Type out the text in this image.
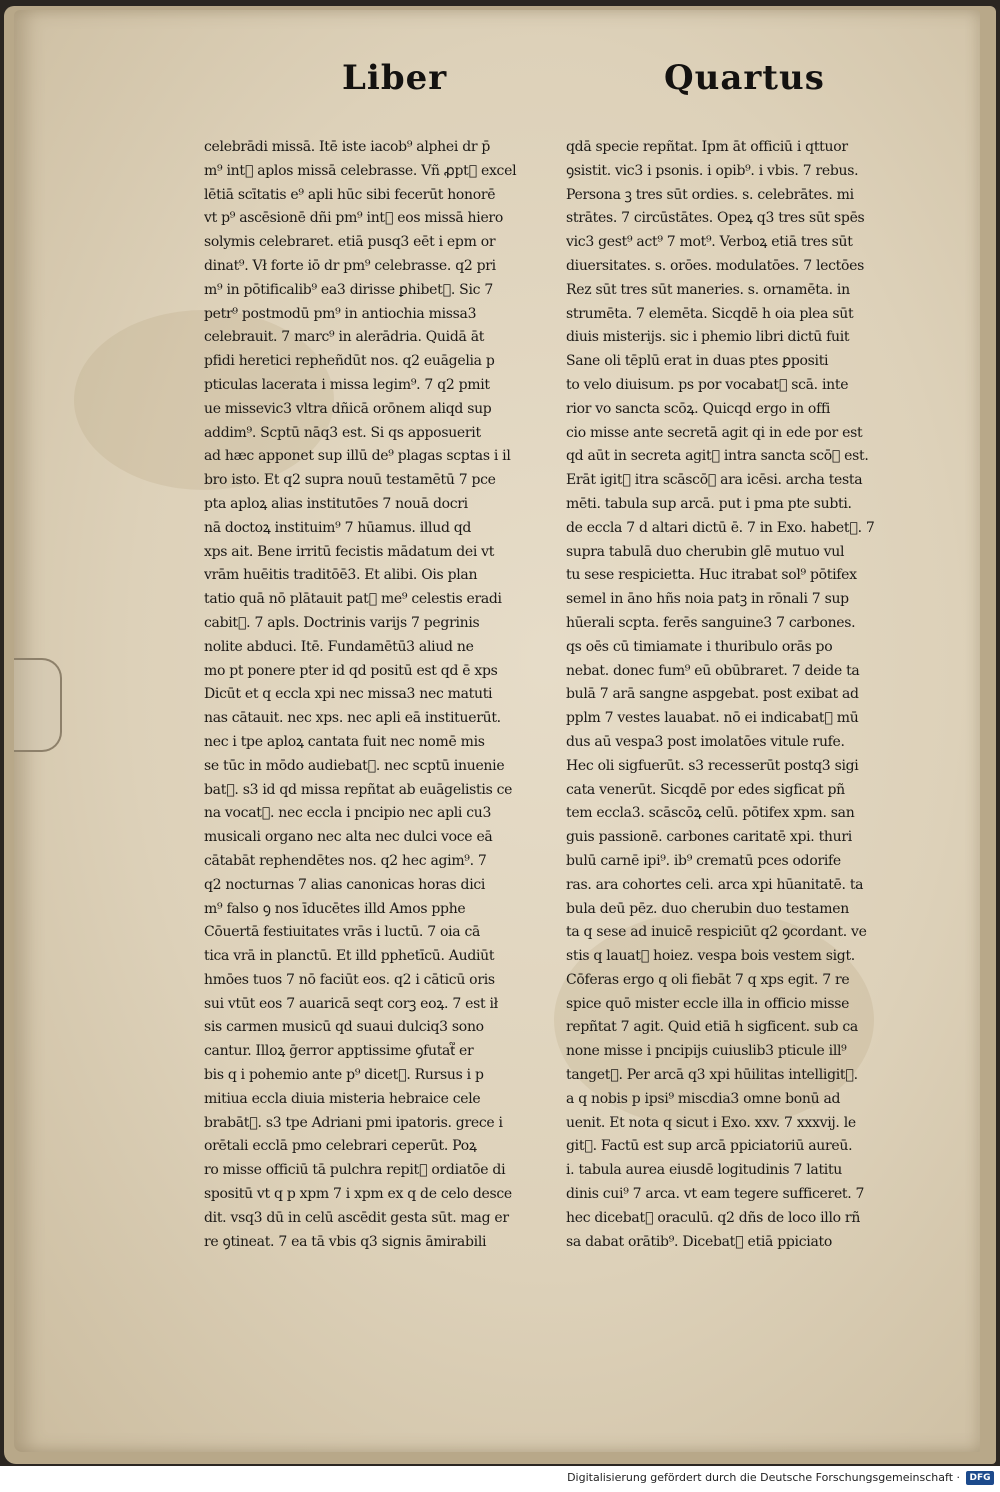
Liber	Quartus
celebrādi missā. Itē iste iacob⁹ alphei dr p̄
m⁹ int᷑ aplos missā celebrasse. Vñ ꝓpt᷑ excel
lētiā scītatis e⁹ apli hūc sibi fecerūt honorē
vt p⁹ ascēsionē dñi pm⁹ int᷑ eos missā hiero
solymis celebraret. etiā pusq3 eēt i epm or
dinat⁹. Vł forte iō dr pm⁹ celebrasse. q2 pri
m⁹ in pōtificalib⁹ ea3 dirisse ꝑhibet᷑. Sic 7
petr⁹ postmodū pm⁹ in antiochia missa3
celebrauit. 7 marc⁹ in alerādria. Quidā āt
pfidi heretici repheñdūt nos. q2 euāgelia p
pticulas lacerata i missa legim⁹. 7 q2 pmit
ue missevic3 vltra dñicā orōnem aliqd sup
addim⁹. Scptū nāq3 est. Si qs apposuerit
ad hæc apponet sup illū de⁹ plagas scptas i il
bro isto. Et q2 supra nouū testamētū 7 pce
pta aploꝝ alias institutōes 7 nouā docri
nā doctoꝝ instituim⁹ 7 hūamus. illud qd
xps ait. Bene irritū fecistis mādatum dei vt
vrām huēitis traditōē3. Et alibi. Ois plan
tatio quā nō plātauit pat᷑ me⁹ celestis eradi
cabit᷑. 7 apls. Doctrinis varijs 7 pegrinis
nolite abduci. Itē. Fundamētū3 aliud ne
mo pt ponere pter id qd positū est qd ē xps
Dicūt et q eccla xpi nec missa3 nec matuti
nas cātauit. nec xps. nec apli eā instituerūt.
nec i tpe aploꝝ cantata fuit nec nomē mis
se tūc in mōdo audiebat᷑. nec scptū inuenie
bat᷑. s3 id qd missa repñtat ab euāgelistis ce
na vocat᷑. nec eccla i pncipio nec apli cu3
musicali organo nec alta nec dulci voce eā
cātabāt rephendētes nos. q2 hec agim⁹. 7
q2 nocturnas 7 alias canonicas horas dici
m⁹ falso ꝯ nos īducētes illd Amos pphe
Cōuertā festiuitates vrās i luctū. 7 oia cā
tica vrā in planctū. Et illd pphetīcū. Audiūt
hmōes tuos 7 nō faciūt eos. q2 i cāticū oris
sui vtūt eos 7 auaricā seqt corꝫ eoꝝ. 7 est ił
sis carmen musicū qd suaui dulciq3 sono
cantur. Illoꝝ ḡerror apptissime ꝯfutat᷑ er
bis q i pohemio ante p⁹ dicet᷑. Rursus i p
mitiua eccla diuia misteria hebraice cele
brabāt᷑. s3 tpe Adriani pmi ipatoris. grece i
orētali ecclā pmo celebrari ceperūt. Poꝝ
ro misse officiū tā pulchra repit᷑ ordiatōe di
spositū vt q p xpm 7 i xpm ex q de celo desce
dit. vsq3 dū in celū ascēdit gesta sūt. mag er
re ꝯtineat. 7 ea tā vbis q3 signis āmirabili
qdā specie repñtat. Ipm āt officiū i qttuor
ꝯsistit. vic3 i psonis. i opib⁹. i vbis. 7 rebus.
Persona ꝫ tres sūt ordies. s. celebrātes. mi
strātes. 7 circūstātes. Opeꝝ q3 tres sūt spēs
vic3 gest⁹ act⁹ 7 mot⁹. Verboꝝ etiā tres sūt
diuersitates. s. orōes. modulatōes. 7 lectōes
Rez sūt tres sūt maneries. s. ornamēta. in
strumēta. 7 elemēta. Sicqdē h oia plea sūt
diuis misterijs. sic i phemio libri dictū fuit
Sane oli tēplū erat in duas ptes ꝑpositi
to velo diuisum. ps por vocabat᷑ scā. inte
rior vo sancta scōꝝ. Quicqd ergo in offi
cio misse ante secretā agit qi in ede por est
qd aūt in secreta agit᷑ intra sancta scōꝝ est.
Erāt igit᷑ itra scāscōꝝ ara icēsi. archa testa
mēti. tabula sup arcā. put i pma pte subti.
de eccla 7 d altari dictū ē. 7 in Exo. habet᷑. 7
supra tabulā duo cherubin glē mutuo vul
tu sese respicietta. Huc itrabat sol⁹ pōtifex
semel in āno hñs noia patꝫ in rōnali 7 sup
hūerali scpta. ferēs sanguine3 7 carbones.
qs oēs cū timiamate i thuribulo orās po
nebat. donec fum⁹ eū obūbraret. 7 deide ta
bulā 7 arā sangne aspgebat. post exibat ad
pplm 7 vestes lauabat. nō ei indicabat᷑ mū
dus aū vespa3 post imolatōes vitule rufe.
Hec oli sigfuerūt. s3 recesserūt postq3 sigi
cata venerūt. Sicqdē por edes sigficat pñ
tem eccla3. scāscōꝝ celū. pōtifex xpm. san
guis passionē. carbones caritatē xpi. thuri
bulū carnē ipi⁹. ib⁹ crematū pces odorife
ras. ara cohortes celi. arca xpi hūanitatē. ta
bula deū pēz. duo cherubin duo testamen
ta q sese ad inuicē respiciūt q2 ꝯcordant. ve
stis q lauat᷑ hoiez. vespa bois vestem sigt.
Cōferas ergo q oli fiebāt 7 q xps egit. 7 re
spice quō mister eccle illa in officio misse
repñtat 7 agit. Quid etiā h sigficent. sub ca
none misse i pncipijs cuiuslib3 pticule ill⁹
tanget᷑. Per arcā q3 xpi hūilitas intelligit᷑.
a q nobis p ipsi⁹ miscdia3 omne bonū ad
uenit. Et nota q sicut i Exo. xxv. 7 xxxvij. le
git᷑. Factū est sup arcā ppiciatoriū aureū.
i. tabula aurea eiusdē logitudinis 7 latitu
dinis cui⁹ 7 arca. vt eam tegere sufficeret. 7
hec dicebat᷑ oraculū. q2 dñs de loco illo rñ
sa dabat orātib⁹. Dicebat᷑ etiā ppiciato
Digitalisierung gefördert durch die Deutsche Forschungsgemeinschaft ·	DFG
